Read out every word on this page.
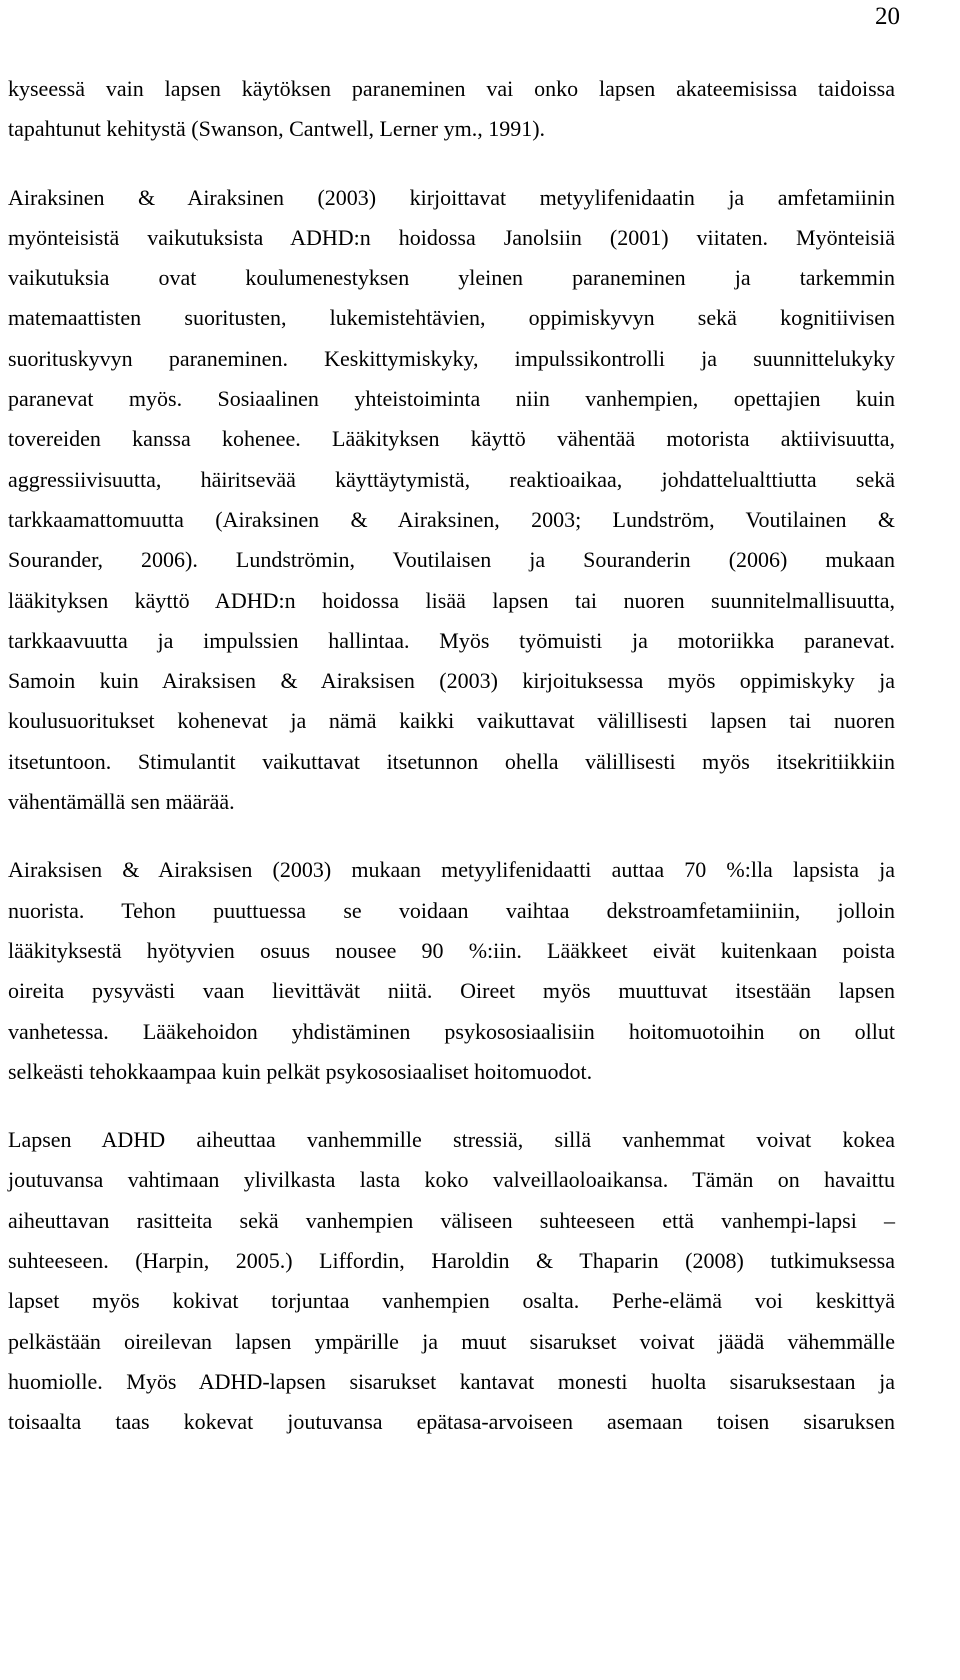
20
kyseessä vain lapsen käytöksen paraneminen vai onko lapsen akateemisissa taidoissa
tapahtunut kehitystä (Swanson, Cantwell, Lerner ym., 1991).
Airaksinen & Airaksinen (2003) kirjoittavat metyylifenidaatin ja amfetamiinin
myönteisistä vaikutuksista ADHD:n hoidossa Janolsiin (2001) viitaten. Myönteisiä
vaikutuksia ovat koulumenestyksen yleinen paraneminen ja tarkemmin
matemaattisten suoritusten, lukemistehtävien, oppimiskyvyn sekä kognitiivisen
suorituskyvyn paraneminen. Keskittymiskyky, impulssikontrolli ja suunnittelukyky
paranevat myös. Sosiaalinen yhteistoiminta niin vanhempien, opettajien kuin
tovereiden kanssa kohenee. Lääkityksen käyttö vähentää motorista aktiivisuutta,
aggressiivisuutta, häiritsevää käyttäytymistä, reaktioaikaa, johdattelualttiutta sekä
tarkkaamattomuutta (Airaksinen & Airaksinen, 2003; Lundström, Voutilainen &
Sourander, 2006). Lundströmin, Voutilaisen ja Souranderin (2006) mukaan
lääkityksen käyttö ADHD:n hoidossa lisää lapsen tai nuoren suunnitelmallisuutta,
tarkkaavuutta ja impulssien hallintaa. Myös työmuisti ja motoriikka paranevat.
Samoin kuin Airaksisen & Airaksisen (2003) kirjoituksessa myös oppimiskyky ja
koulusuoritukset kohenevat ja nämä kaikki vaikuttavat välillisesti lapsen tai nuoren
itsetuntoon. Stimulantit vaikuttavat itsetunnon ohella välillisesti myös itsekritiikkiin
vähentämällä sen määrää.
Airaksisen & Airaksisen (2003) mukaan metyylifenidaatti auttaa 70 %:lla lapsista ja
nuorista. Tehon puuttuessa se voidaan vaihtaa dekstroamfetamiiniin, jolloin
lääkityksestä hyötyvien osuus nousee 90 %:iin. Lääkkeet eivät kuitenkaan poista
oireita pysyvästi vaan lievittävät niitä. Oireet myös muuttuvat itsestään lapsen
vanhetessa. Lääkehoidon yhdistäminen psykososiaalisiin hoitomuotoihin on ollut
selkeästi tehokkaampaa kuin pelkät psykososiaaliset hoitomuodot.
Lapsen ADHD aiheuttaa vanhemmille stressiä, sillä vanhemmat voivat kokea
joutuvansa vahtimaan ylivilkasta lasta koko valveillaoloaikansa. Tämän on havaittu
aiheuttavan rasitteita sekä vanhempien väliseen suhteeseen että vanhempi-lapsi –
suhteeseen. (Harpin, 2005.) Liffordin, Haroldin & Thaparin (2008) tutkimuksessa
lapset myös kokivat torjuntaa vanhempien osalta. Perhe-elämä voi keskittyä
pelkästään oireilevan lapsen ympärille ja muut sisarukset voivat jäädä vähemmälle
huomiolle. Myös ADHD-lapsen sisarukset kantavat monesti huolta sisaruksestaan ja
toisaalta taas kokevat joutuvansa epätasa-arvoiseen asemaan toisen sisaruksen
